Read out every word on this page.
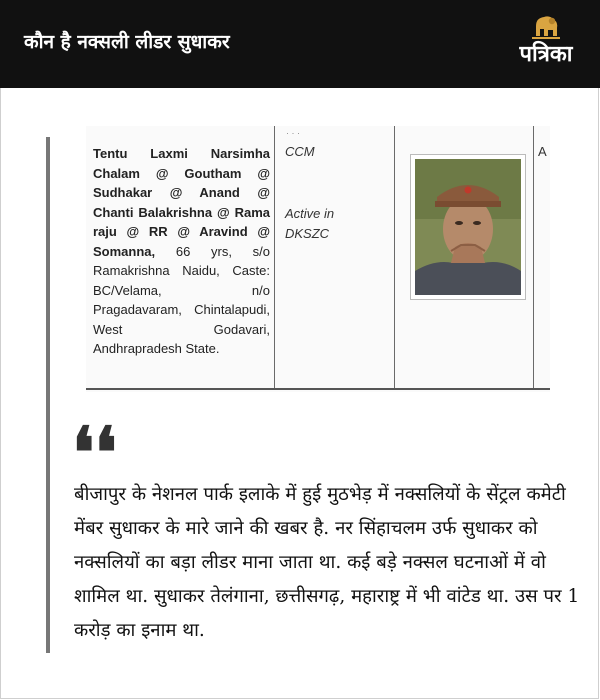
कौन है नक्सली लीडर सुधाकर	पत्रिका
Tentu Laxmi Narsimha Chalam @ Goutham @ Sudhakar @ Anand @ Chanti Balakrishna @ Rama raju @ RR @ Aravind @ Somanna, 66 yrs, s/o Ramakrishna Naidu, Caste: BC/Velama, n/o Pragadavaram, Chintalapudi, West Godavari, Andhrapradesh State.
CCM
Active in DKSZC
A
· · ·
❛❛
बीजापुर के नेशनल पार्क इलाके में हुई मुठभेड़ में नक्सलियों के सेंट्रल कमेटी मेंबर सुधाकर के मारे जाने की खबर है. नर सिंहाचलम उर्फ सुधाकर को नक्सलियों का बड़ा लीडर माना जाता था. कई बड़े नक्सल घटनाओं में वो शामिल था. सुधाकर तेलंगाना, छत्तीसगढ़, महाराष्ट्र में भी वांटेड था. उस पर 1 करोड़ का इनाम था.
